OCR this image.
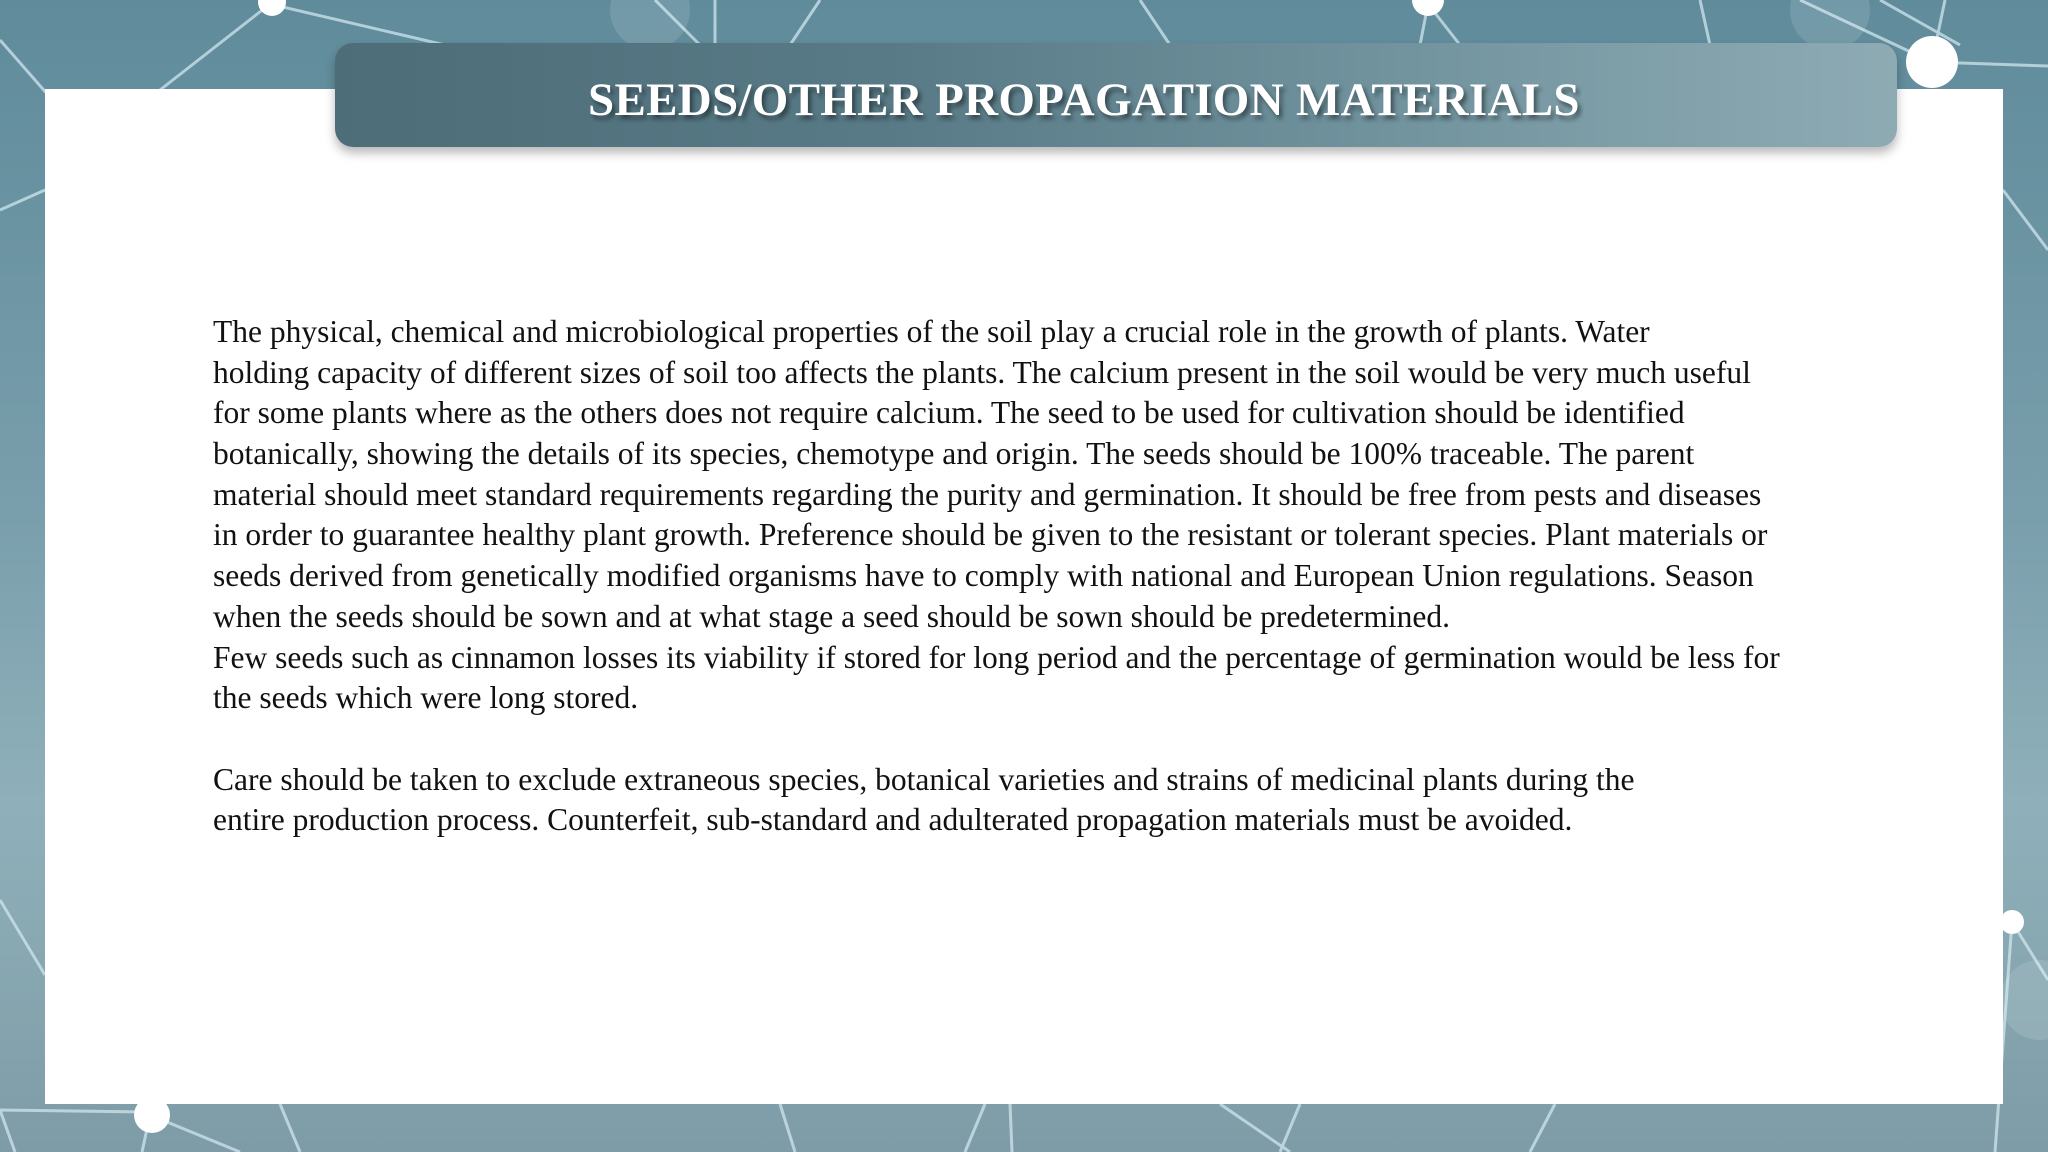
SEEDS/OTHER PROPAGATION MATERIALS
The physical, chemical and microbiological properties of the soil play a crucial role in the growth of plants. Water
holding capacity of different sizes of soil too affects the plants. The calcium present in the soil would be very much useful
for some plants where as the others does not require calcium. The seed to be used for cultivation should be identified
botanically, showing the details of its species, chemotype and origin. The seeds should be 100% traceable. The parent
material should meet standard requirements regarding the purity and germination. It should be free from pests and diseases
in order to guarantee healthy plant growth. Preference should be given to the resistant or tolerant species. Plant materials or
seeds derived from genetically modified organisms have to comply with national and European Union regulations. Season
when the seeds should be sown and at what stage a seed should be sown should be predetermined.
Few seeds such as cinnamon losses its viability if stored for long period and the percentage of germination would be less for
the seeds which were long stored.
Care should be taken to exclude extraneous species, botanical varieties and strains of medicinal plants during the
entire production process. Counterfeit, sub-standard and adulterated propagation materials must be avoided.
